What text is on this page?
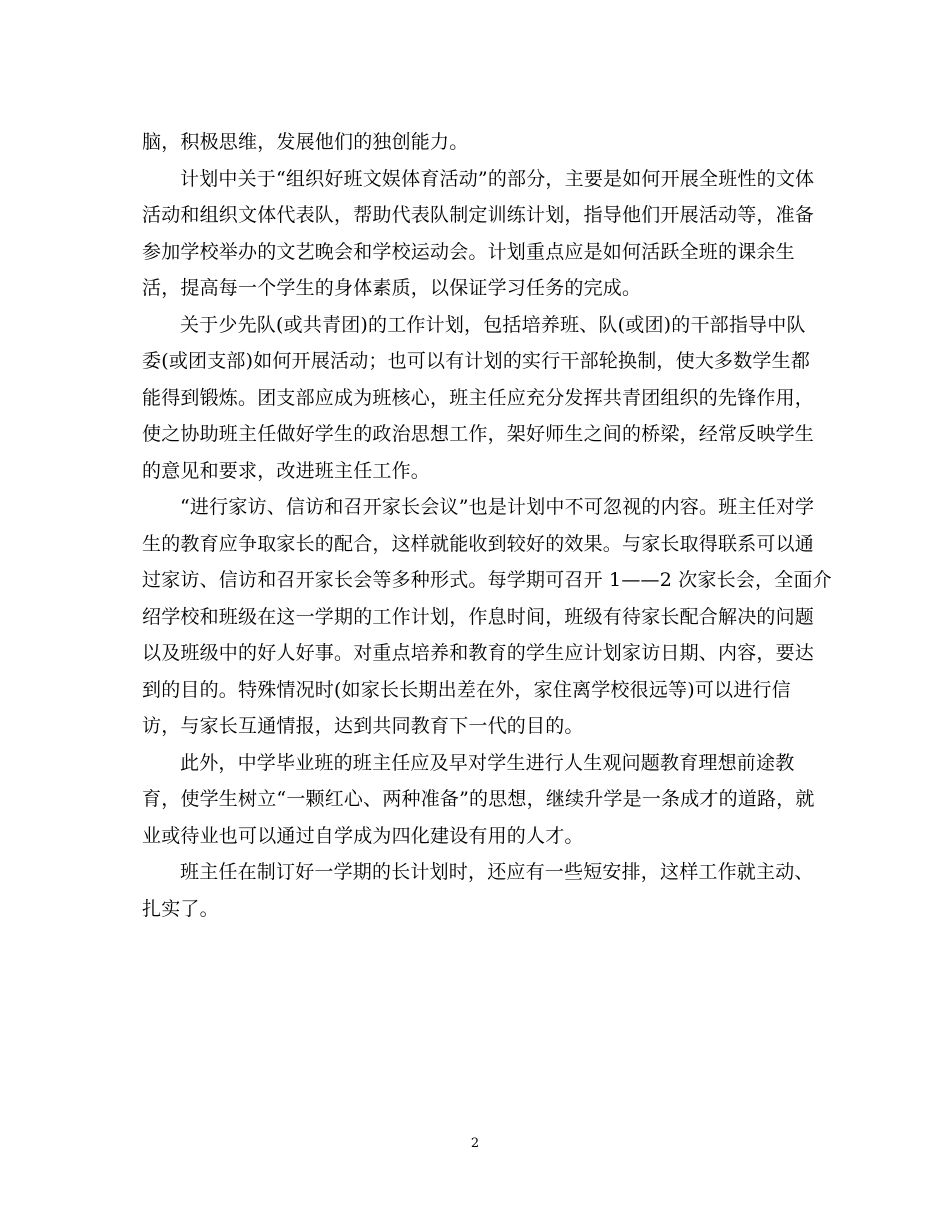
脑，积极思维，发展他们的独创能力。
计划中关于“组织好班文娱体育活动”的部分，主要是如何开展全班性的文体
活动和组织文体代表队，帮助代表队制定训练计划，指导他们开展活动等，准备
参加学校举办的文艺晚会和学校运动会。计划重点应是如何活跃全班的课余生
活，提高每一个学生的身体素质，以保证学习任务的完成。
关于少先队(或共青团)的工作计划，包括培养班、队(或团)的干部指导中队
委(或团支部)如何开展活动；也可以有计划的实行干部轮换制，使大多数学生都
能得到锻炼。团支部应成为班核心，班主任应充分发挥共青团组织的先锋作用，
使之协助班主任做好学生的政治思想工作，架好师生之间的桥梁，经常反映学生
的意见和要求，改进班主任工作。
“进行家访、信访和召开家长会议”也是计划中不可忽视的内容。班主任对学
生的教育应争取家长的配合，这样就能收到较好的效果。与家长取得联系可以通
过家访、信访和召开家长会等多种形式。每学期可召开 1——2 次家长会，全面介
绍学校和班级在这一学期的工作计划，作息时间，班级有待家长配合解决的问题
以及班级中的好人好事。对重点培养和教育的学生应计划家访日期、内容，要达
到的目的。特殊情况时(如家长长期出差在外，家住离学校很远等)可以进行信
访，与家长互通情报，达到共同教育下一代的目的。
此外，中学毕业班的班主任应及早对学生进行人生观问题教育理想前途教
育，使学生树立“一颗红心、两种准备”的思想，继续升学是一条成才的道路，就
业或待业也可以通过自学成为四化建设有用的人才。
班主任在制订好一学期的长计划时，还应有一些短安排，这样工作就主动、
扎实了。
2
